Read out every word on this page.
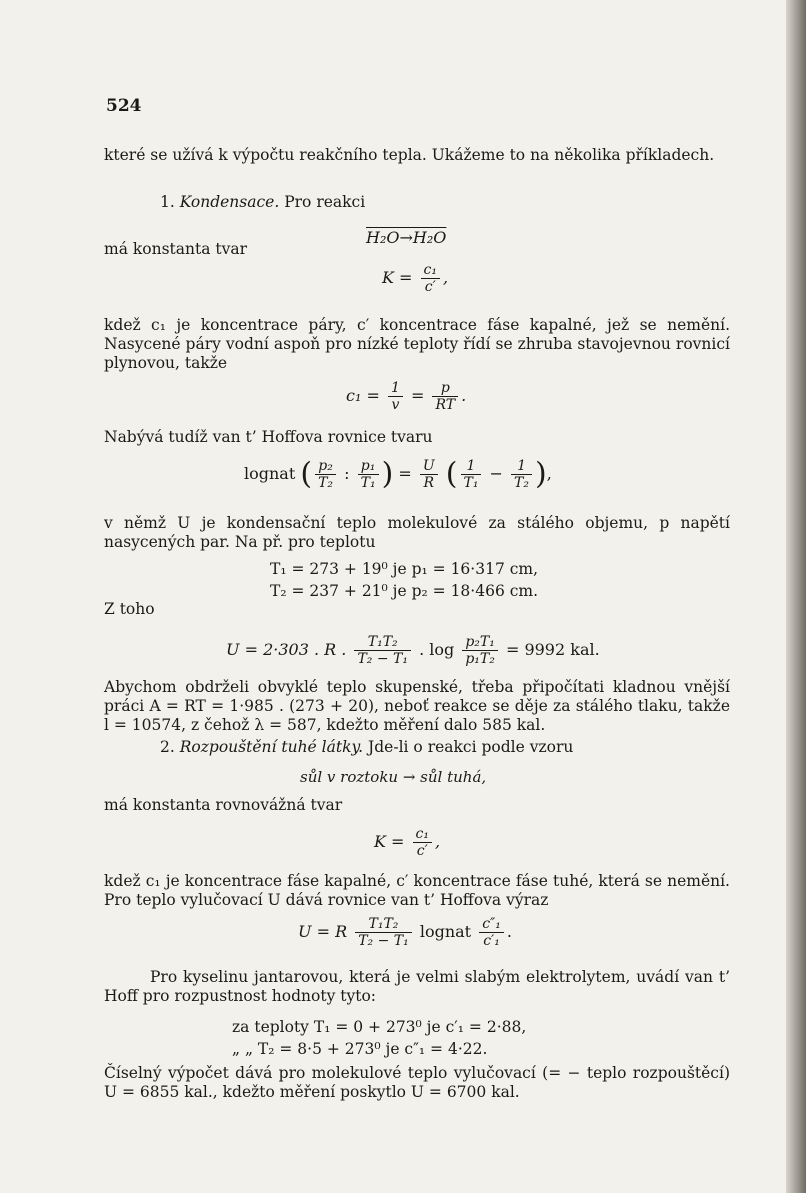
524
které se užívá k výpočtu reakčního tepla. Ukážeme to na několika příkladech.
1. Kondensace. Pro reakci
má konstanta tvar
H₂O→H₂O
$K = \frac{\text{c₁}}{c'}$ ,
kdež c₁ je koncentrace páry, c′ koncentrace fáse kapalné, jež se nemění. Nasycené páry vodní aspoň pro nízké teploty řídí se zhruba stavojevnou rovnicí plynovou, takže
$c_1 = \frac{1}{v} = \frac{p}{RT}$ .
Nabývá tudíž van t’ Hoffova rovnice tvaru
lognat ( $\frac{\text{p₂}}{\text{T₂}}$ : $\frac{\text{p₁}}{\text{T₁}}$ ) = $\frac{U}{R}$ ( $\frac{1}{\text{T₁}} - \frac{1}{\text{T₂}}$ ),
v němž U je kondensační teplo molekulové za stálého objemu, p napětí nasycených par. Na př. pro teplotu
T₁ = 273 + 19⁰ je p₁ = 16·317 cm,
T₂ = 237 + 21⁰ je p₂ = 18·466 cm.
Z toho
U = 2·303 . R . $\frac{\text{T₁T₂}}{\text{T₂ − T₁}}$ . $\log \frac{\text{p₂T₁}}{\text{p₁T₂}} = 9992$ kal.
Abychom obdrželi obvyklé teplo skupenské, třeba připočítati kladnou vnější práci A = RT = 1·985 . (273 + 20), neboť reakce se děje za stálého tlaku, takže l = 10574, z čehož λ = 587, kdežto měření dalo 585 kal.
2. Rozpouštění tuhé látky. Jde-li o reakci podle vzoru
sůl v roztoku → sůl tuhá,
má konstanta rovnovážná tvar
$K = \frac{\text{c₁}}{c'}$ ,
kdež c₁ je koncentrace fáse kapalné, c′ koncentrace fáse tuhé, která se nemění. Pro teplo vylučovací U dává rovnice van t’ Hoffova výraz
U = R $\frac{\text{T₁T₂}}{\text{T₂ − T₁}}$ lognat $\frac{\text{c″₁}}{\text{c′₁}}$ .
Pro kyselinu jantarovou, která je velmi slabým elektrolytem, uvádí van t’ Hoff pro rozpustnost hodnoty tyto:
za teploty T₁ = 0 + 273⁰ je c′₁ = 2·88,
„ „ T₂ = 8·5 + 273⁰ je c″₁ = 4·22.
Číselný výpočet dává pro molekulové teplo vylučovací (= − teplo rozpouštěcí) U = 6855 kal., kdežto měření poskytlo U = 6700 kal.
